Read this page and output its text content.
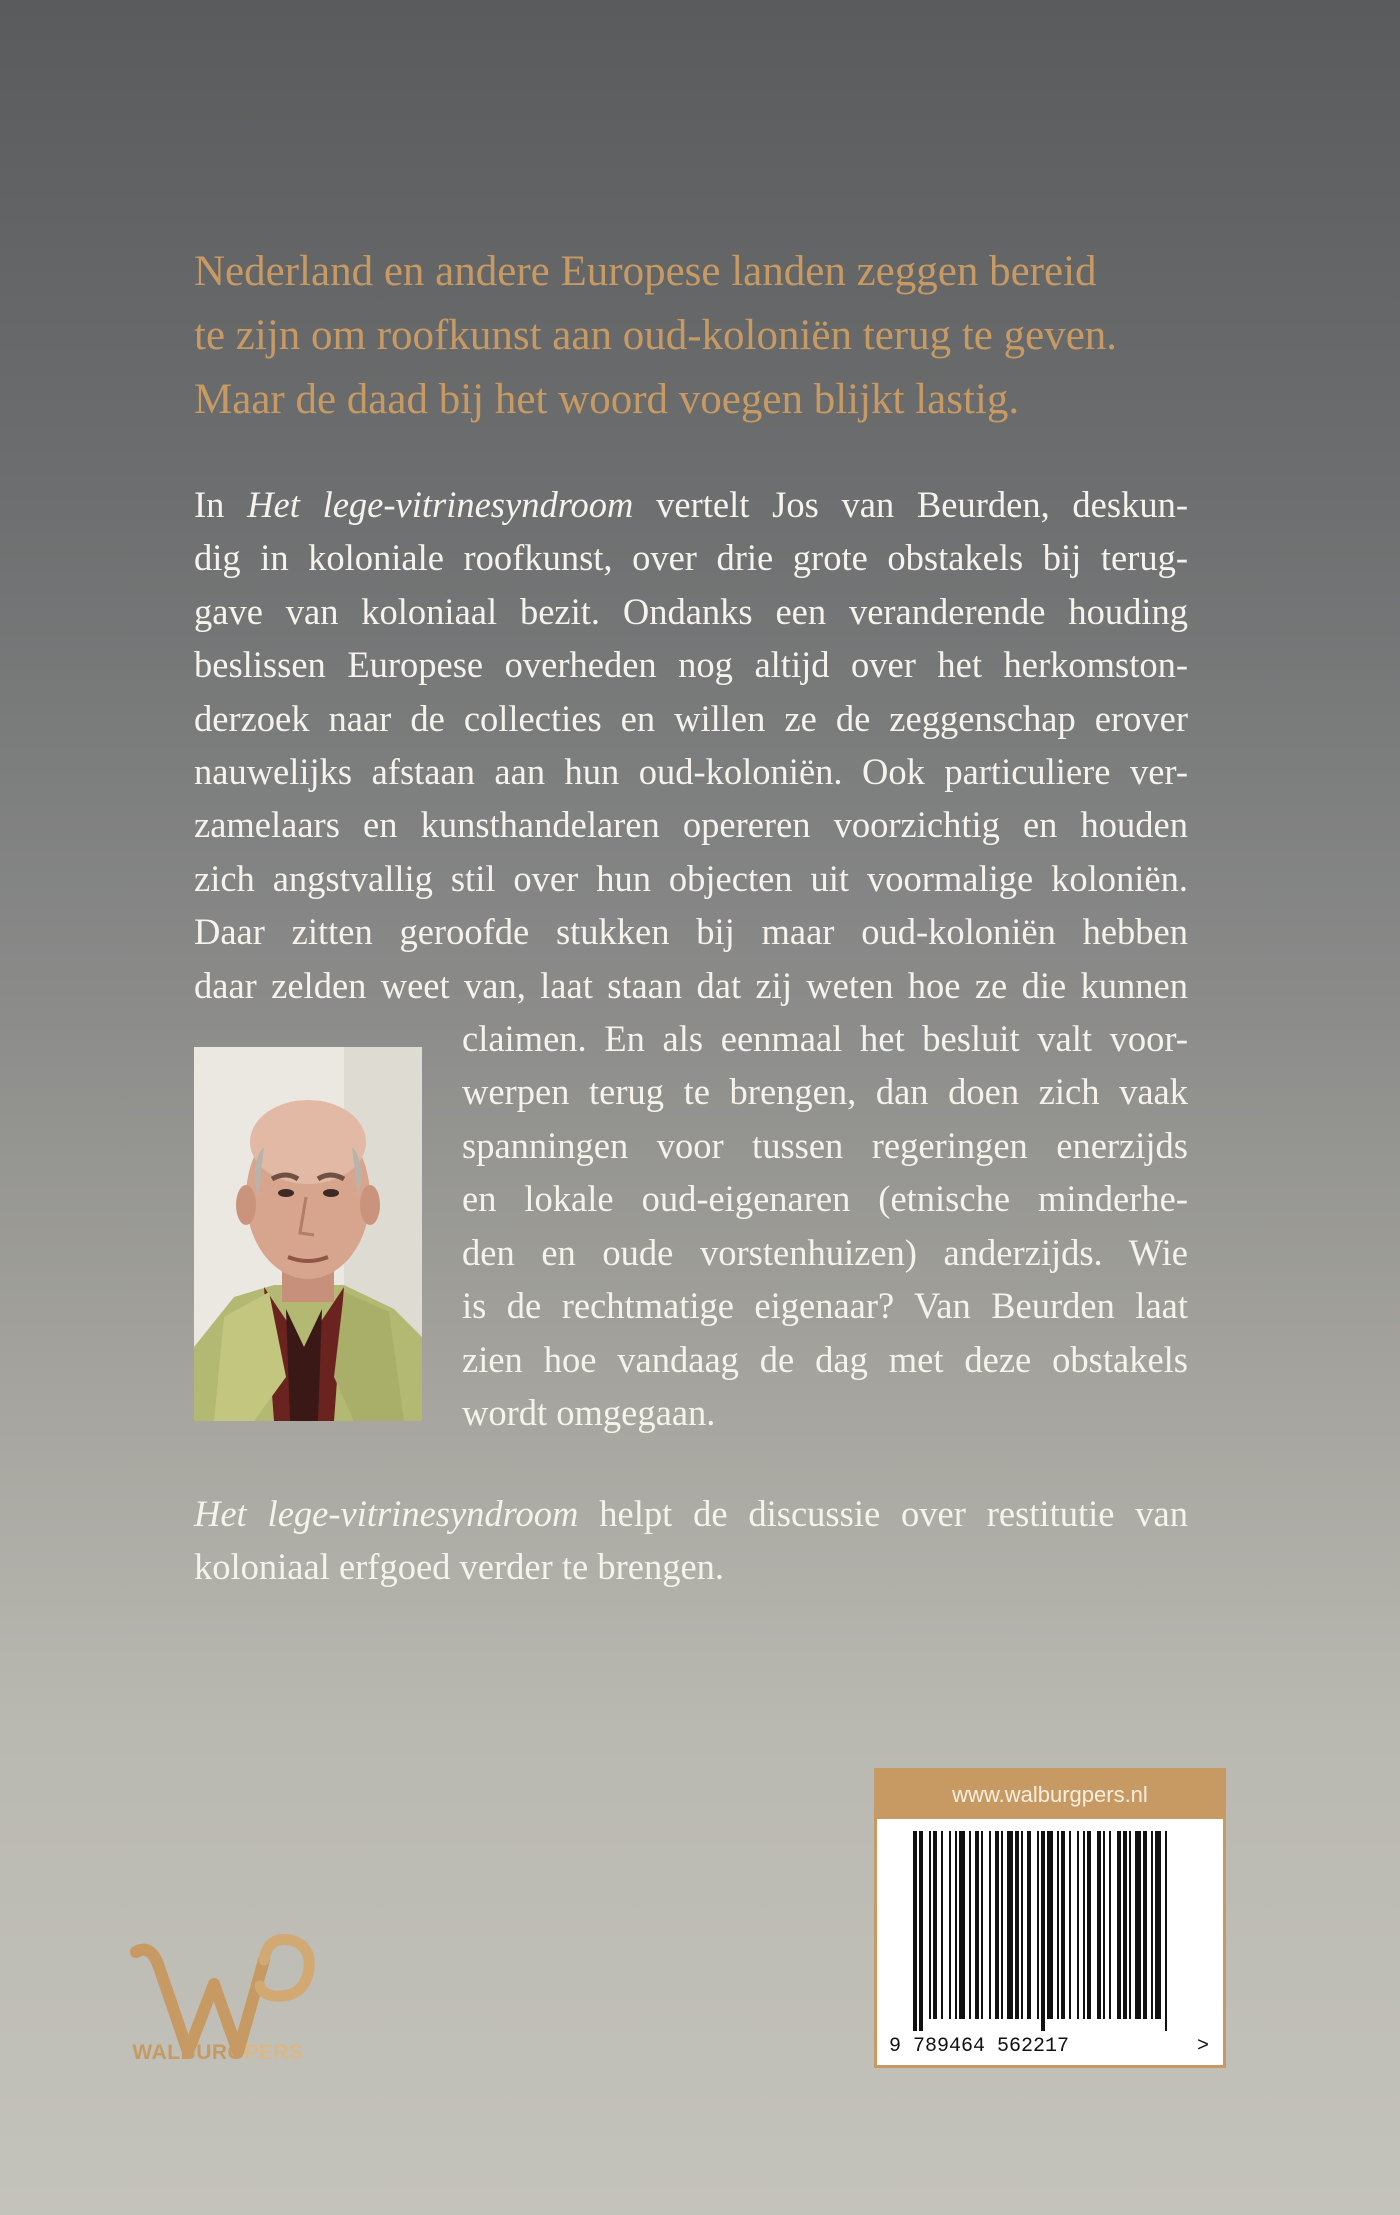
Nederland en andere Europese landen zeggen bereid
te zijn om roofkunst aan oud-koloniën terug te geven.
Maar de daad bij het woord voegen blijkt lastig.

In Het lege-vitrinesyndroom vertelt Jos van Beurden, deskun-
dig in koloniale roofkunst, over drie grote obstakels bij terug-
gave van koloniaal bezit. Ondanks een veranderende houding
beslissen Europese overheden nog altijd over het herkomston-
derzoek naar de collecties en willen ze de zeggenschap erover
nauwelijks afstaan aan hun oud-koloniën. Ook particuliere ver-
zamelaars en kunsthandelaren opereren voorzichtig en houden
zich angstvallig stil over hun objecten uit voormalige koloniën.
Daar zitten geroofde stukken bij maar oud-koloniën hebben
daar zelden weet van, laat staan dat zij weten hoe ze die kunnen
claimen. En als eenmaal het besluit valt voor-
werpen terug te brengen, dan doen zich vaak
spanningen voor tussen regeringen enerzijds
en lokale oud-eigenaren (etnische minderhe-
den en oude vorstenhuizen) anderzijds. Wie
is de rechtmatige eigenaar? Van Beurden laat
zien hoe vandaag de dag met deze obstakels
wordt omgegaan.
Het lege-vitrinesyndroom helpt de discussie over restitutie van
koloniaal erfgoed verder te brengen.
WALBURGPERS
www.walburgpers.nl
9 789464 562217	>
